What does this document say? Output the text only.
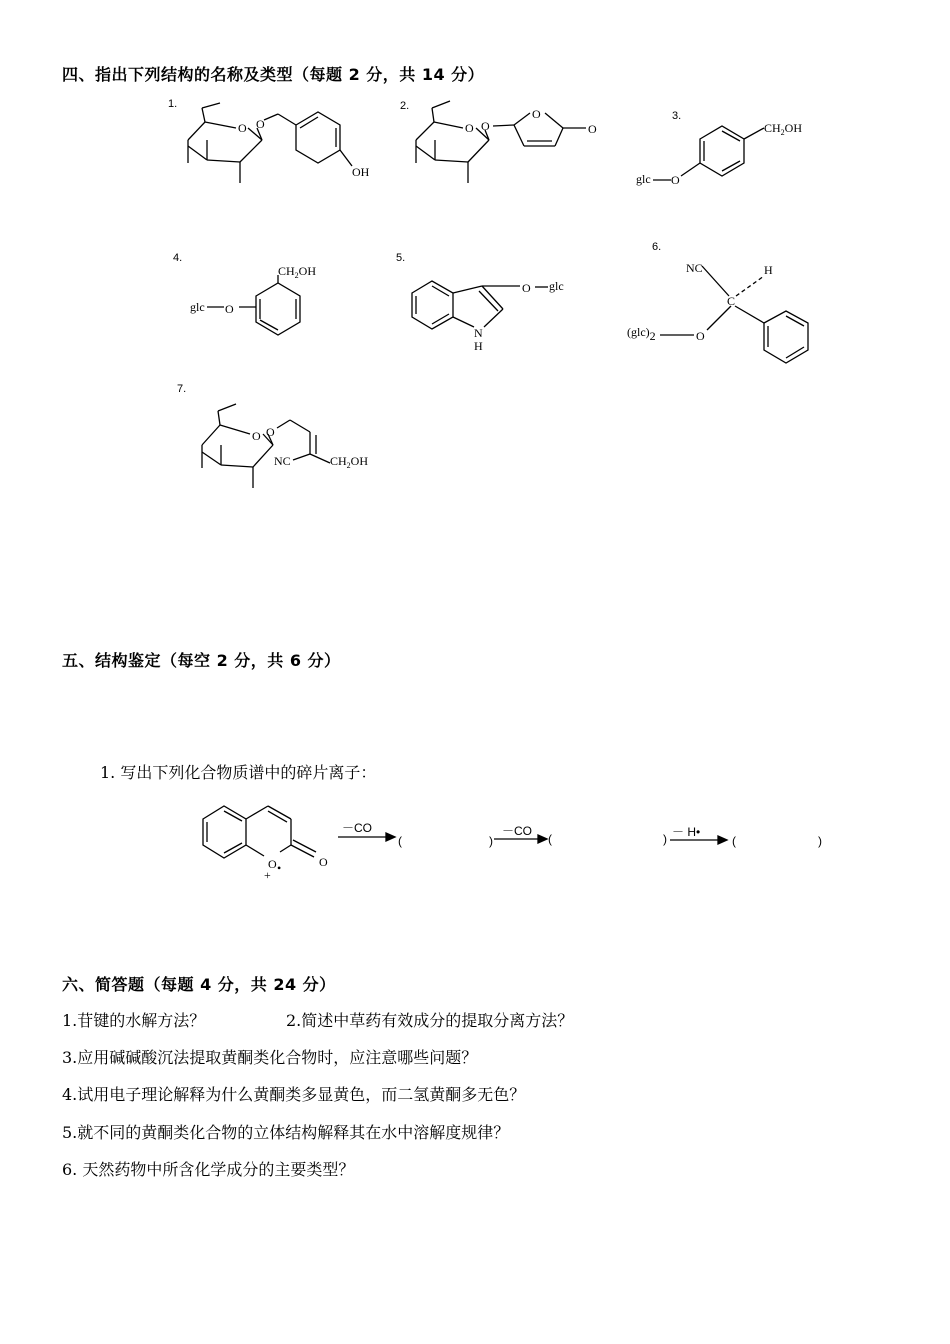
四、指出下列结构的名称及类型（每题 2 分，共 14 分）
1.	2.
3.
4.	5.
6.
7.
O O
OH
O O
O
O	$CH_2OH$
glc O
$CH_2OH$
glc O
O glc
N
H
NC	H
C
(glc)2	O
O O
NC	$CH_2OH$
O	O
+ •
五、结构鉴定（每空 2 分，共 6 分）
1. 写出下列化合物质谱中的碎片离子：
－CO
(	)
－CO
(	) － H•
(	)
六、简答题（每题 4 分，共 24 分）
1.苷键的水解方法？	2.简述中草药有效成分的提取分离方法？
3.应用碱碱酸沉法提取黄酮类化合物时，应注意哪些问题？
4.试用电子理论解释为什么黄酮类多显黄色，而二氢黄酮多无色？
5.就不同的黄酮类化合物的立体结构解释其在水中溶解度规律？
6. 天然药物中所含化学成分的主要类型？
